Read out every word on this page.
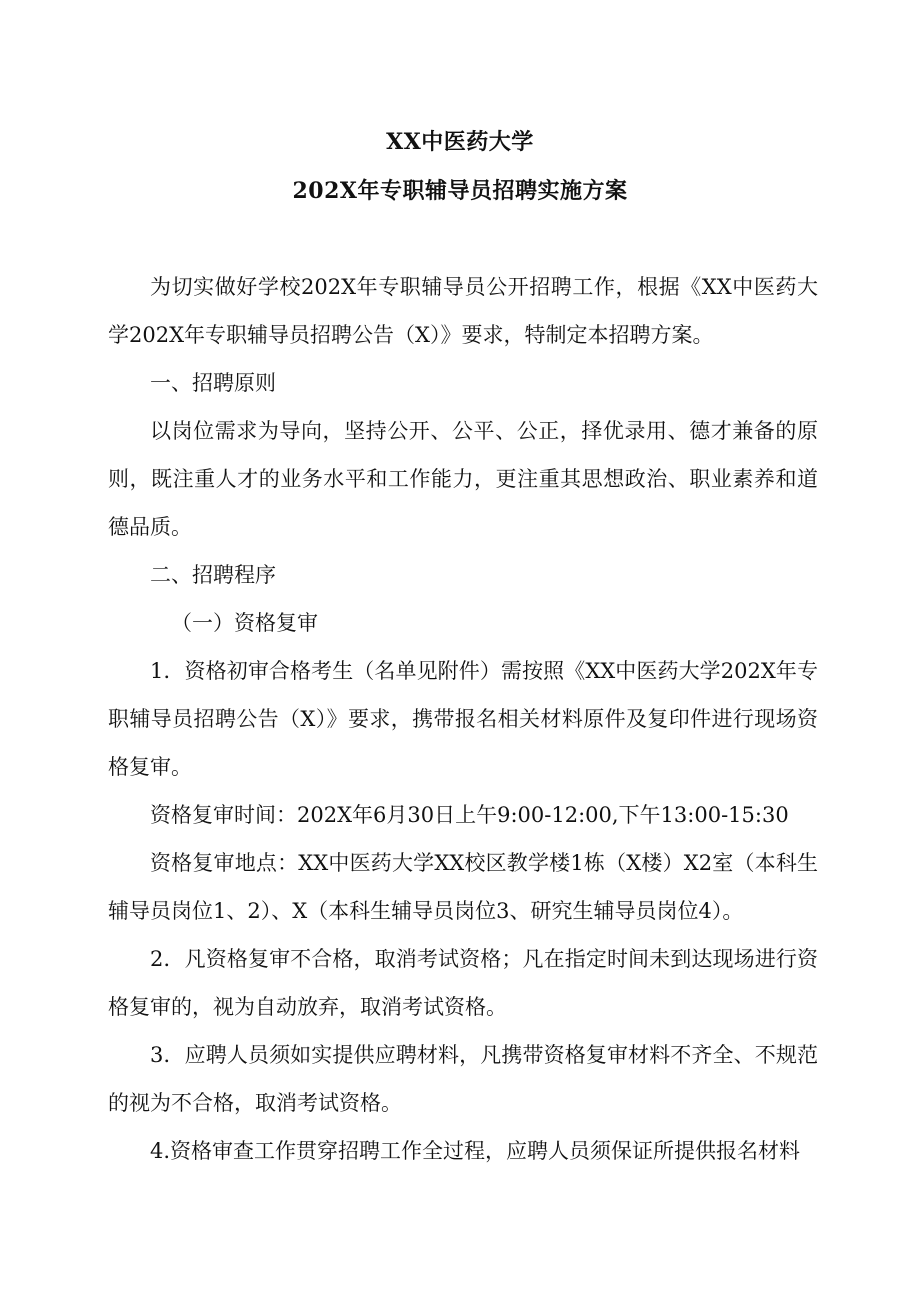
XX中医药大学
202X年专职辅导员招聘实施方案

为切实做好学校202X年专职辅导员公开招聘工作，根据《XX中医药大学202X年专职辅导员招聘公告（X）》要求，特制定本招聘方案。

一、招聘原则

以岗位需求为导向，坚持公开、公平、公正，择优录用、德才兼备的原则，既注重人才的业务水平和工作能力，更注重其思想政治、职业素养和道德品质。

二、招聘程序

（一）资格复审

1．资格初审合格考生（名单见附件）需按照《XX中医药大学202X年专职辅导员招聘公告（X）》要求，携带报名相关材料原件及复印件进行现场资格复审。

资格复审时间：202X年6月30日上午9:00-12:00,下午13:00-15:30

资格复审地点：XX中医药大学XX校区教学楼1栋（X楼）X2室（本科生辅导员岗位1、2）、X（本科生辅导员岗位3、研究生辅导员岗位4）。

2．凡资格复审不合格，取消考试资格；凡在指定时间未到达现场进行资格复审的，视为自动放弃，取消考试资格。

3．应聘人员须如实提供应聘材料，凡携带资格复审材料不齐全、不规范的视为不合格，取消考试资格。

4.资格审查工作贯穿招聘工作全过程，应聘人员须保证所提供报名材料
